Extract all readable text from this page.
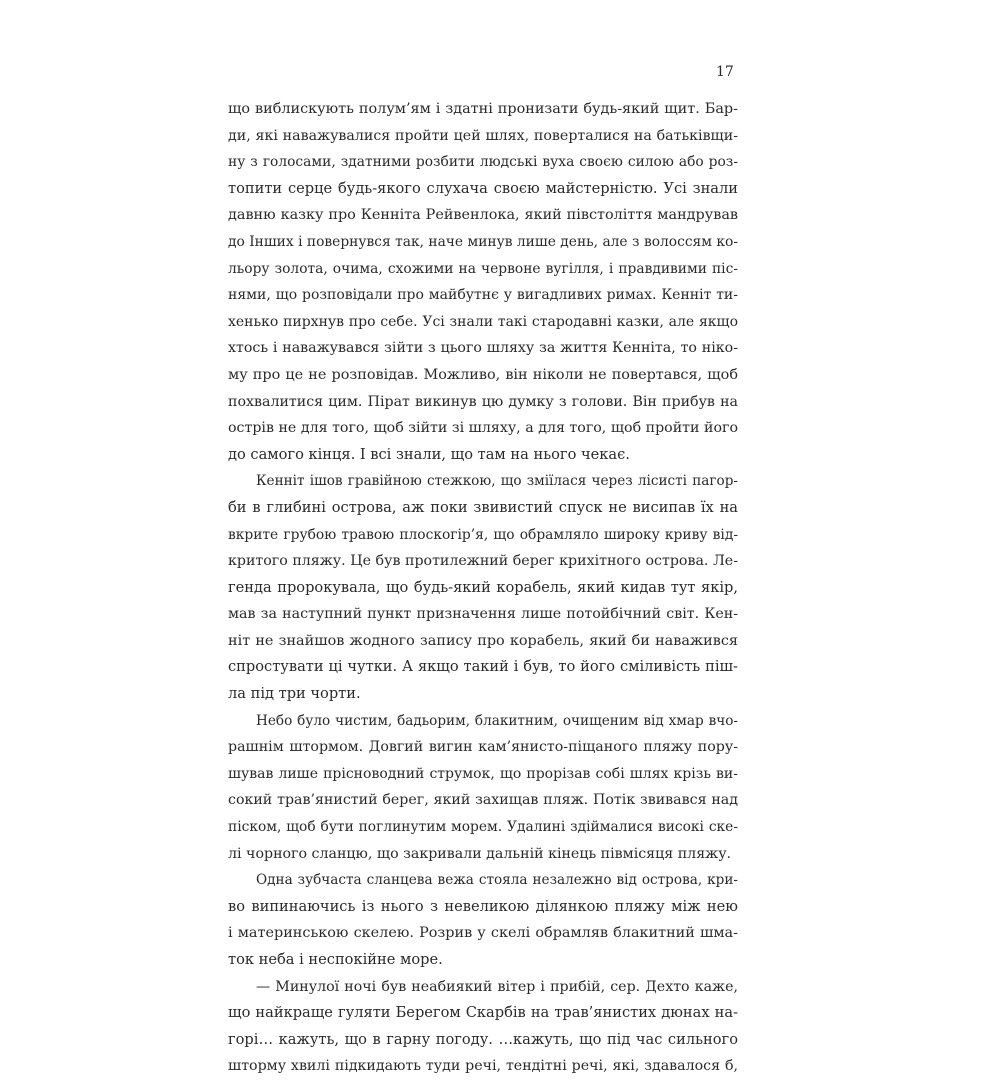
17
що виблискують полум’ям і здатні пронизати будь-який щит. Бар-
ди, які наважувалися пройти цей шлях, поверталися на батьківщи-
ну з голосами, здатними розбити людські вуха своєю силою або роз-
топити серце будь-якого слухача своєю майстерністю. Усі знали
давню казку про Кенніта Рейвенлока, який півстоліття мандрував
до Інших і повернувся так, наче минув лише день, але з волоссям ко-
льору золота, очима, схожими на червоне вугілля, і правдивими піс-
нями, що розповідали про майбутнє у вигадливих римах. Кенніт ти-
хенько пирхнув про себе. Усі знали такі стародавні казки, але якщо
хтось і наважувався зійти з цього шляху за життя Кенніта, то ніко-
му про це не розповідав. Можливо, він ніколи не повертався, щоб
похвалитися цим. Пірат викинув цю думку з голови. Він прибув на
острів не для того, щоб зійти зі шляху, а для того, щоб пройти його
до самого кінця. І всі знали, що там на нього чекає.
Кенніт ішов гравійною стежкою, що зміїлася через лісисті пагор-
би в глибині острова, аж поки звивистий спуск не висипав їх на
вкрите грубою травою плоскогір’я, що обрамляло широку криву від-
критого пляжу. Це був протилежний берег крихітного острова. Ле-
генда пророкувала, що будь-який корабель, який кидав тут якір,
мав за наступний пункт призначення лише потойбічний світ. Кен-
ніт не знайшов жодного запису про корабель, який би наважився
спростувати ці чутки. А якщо такий і був, то його сміливість піш-
ла під три чорти.
Небо було чистим, бадьорим, блакитним, очищеним від хмар вчо-
рашнім штормом. Довгий вигин кам’янисто-піщаного пляжу пору-
шував лише прісноводний струмок, що прорізав собі шлях крізь ви-
сокий трав’янистий берег, який захищав пляж. Потік звивався над
піском, щоб бути поглинутим морем. Удалині здіймалися високі ске-
лі чорного сланцю, що закривали дальній кінець півмісяця пляжу.
Одна зубчаста сланцева вежа стояла незалежно від острова, кри-
во випинаючись із нього з невеликою ділянкою пляжу між нею
і материнською скелею. Розрив у скелі обрамляв блакитний шма-
ток неба і неспокійне море.
— Минулої ночі був неабиякий вітер і прибій, сер. Дехто каже,
що найкраще гуляти Берегом Скарбів на трав’янистих дюнах на-
горі… кажуть, що в гарну погоду. …кажуть, що під час сильного
шторму хвилі підкидають туди речі, тендітні речі, які, здавалося б,
